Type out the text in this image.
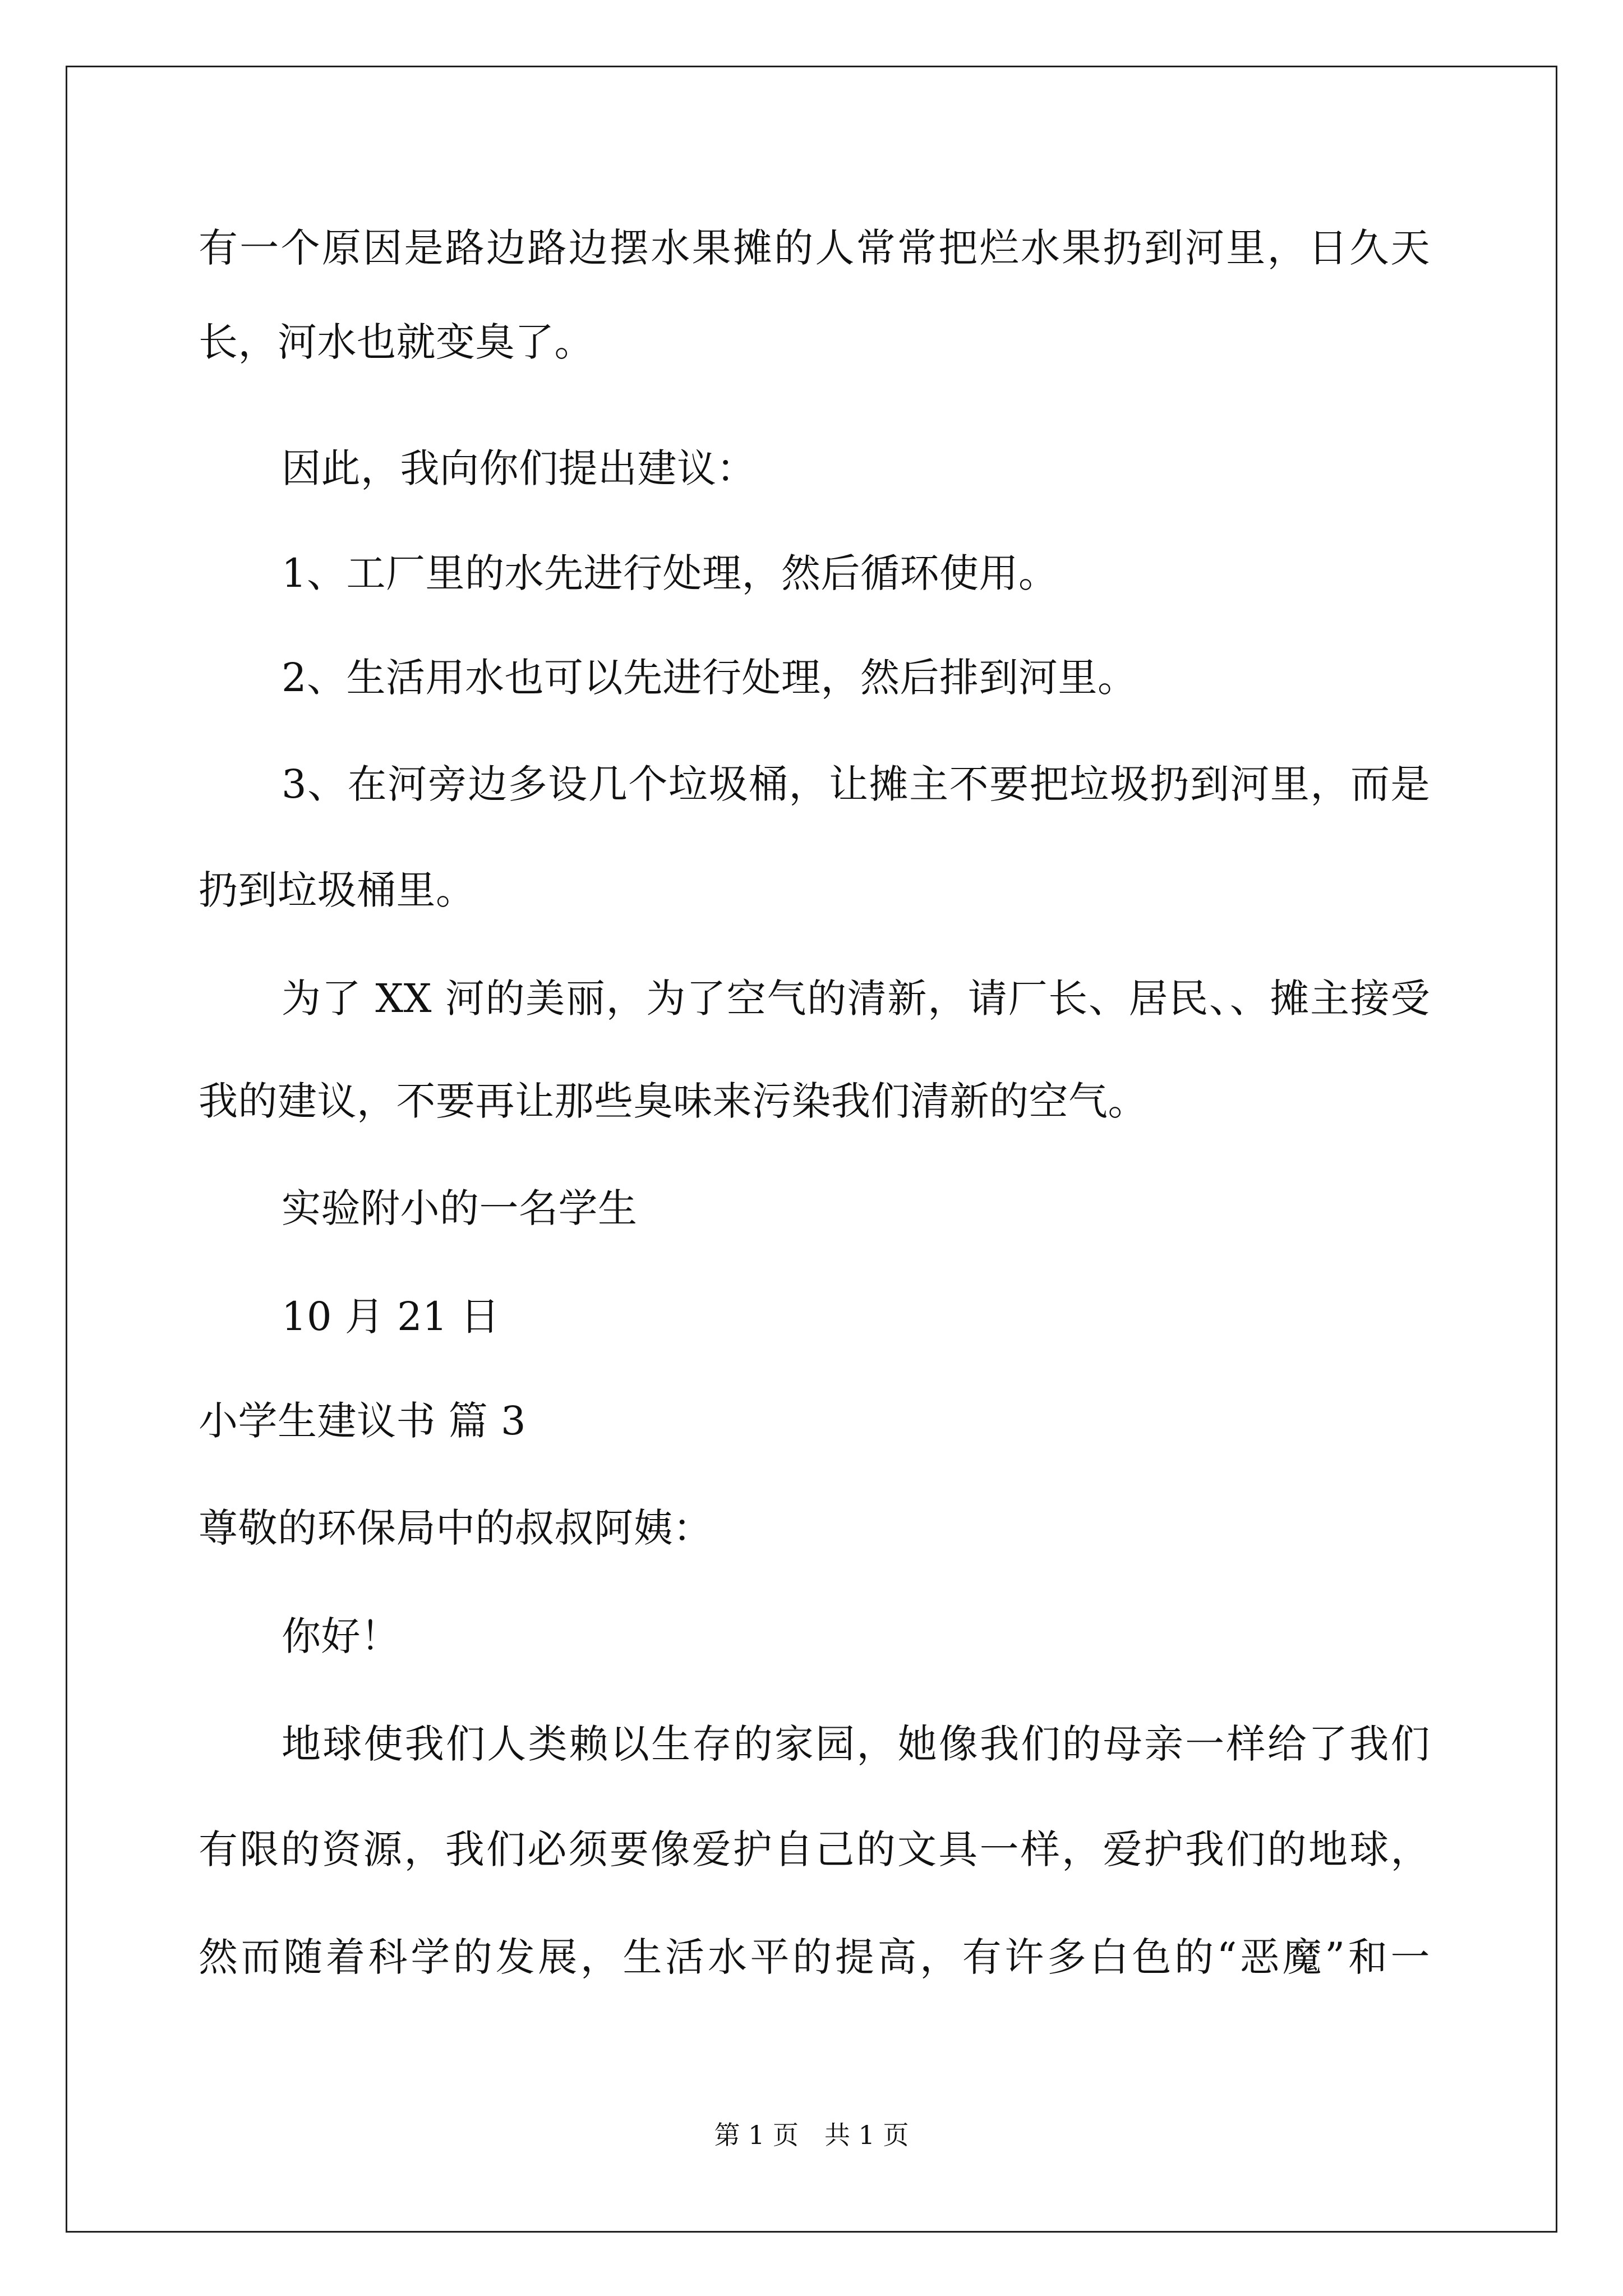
有一个原因是路边路边摆水果摊的人常常把烂水果扔到河里，日久天
长，河水也就变臭了。
因此，我向你们提出建议：
1、工厂里的水先进行处理，然后循环使用。
2、生活用水也可以先进行处理，然后排到河里。
3、在河旁边多设几个垃圾桶，让摊主不要把垃圾扔到河里，而是
扔到垃圾桶里。
为了 XX 河的美丽，为了空气的清新，请厂长、居民、、摊主接受
我的建议，不要再让那些臭味来污染我们清新的空气。
实验附小的一名学生
10 月 21 日
小学生建议书 篇 3
尊敬的环保局中的叔叔阿姨：
你好！
地球使我们人类赖以生存的家园，她像我们的母亲一样给了我们
有限的资源，我们必须要像爱护自己的文具一样，爱护我们的地球，
然而随着科学的发展，生活水平的提高，有许多白色的“恶魔”和一
第 1 页　共 1 页
